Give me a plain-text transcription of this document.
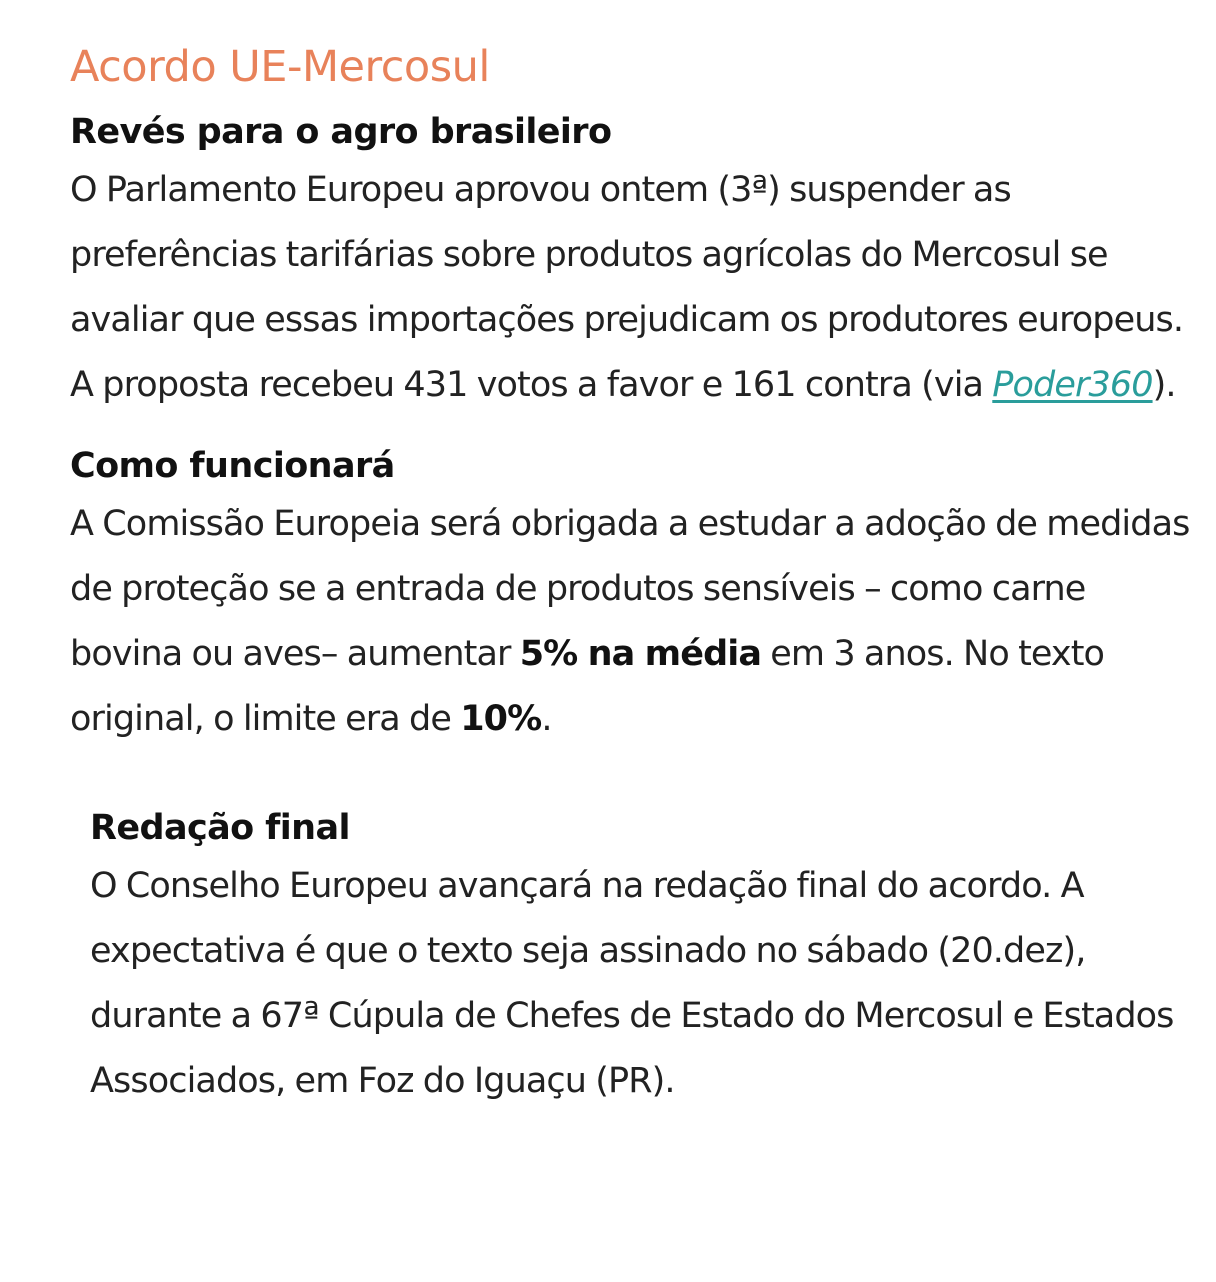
Acordo UE-Mercosul
Revés para o agro brasileiro

O Parlamento Europeu aprovou ontem (3ª) suspender as preferências tarifárias sobre produtos agrícolas do Mercosul se avaliar que essas importações prejudicam os produtores europeus. A proposta recebeu 431 votos a favor e 161 contra (via Poder360).

Como funcionará

A Comissão Europeia será obrigada a estudar a adoção de medidas de proteção se a entrada de produtos sensíveis – como carne bovina ou aves– aumentar 5% na média em 3 anos. No texto original, o limite era de 10%.

Redação final

O Conselho Europeu avançará na redação final do acordo. A expectativa é que o texto seja assinado no sábado (20.dez), durante a 67ª Cúpula de Chefes de Estado do Mercosul e Estados Associados, em Foz do Iguaçu (PR).
